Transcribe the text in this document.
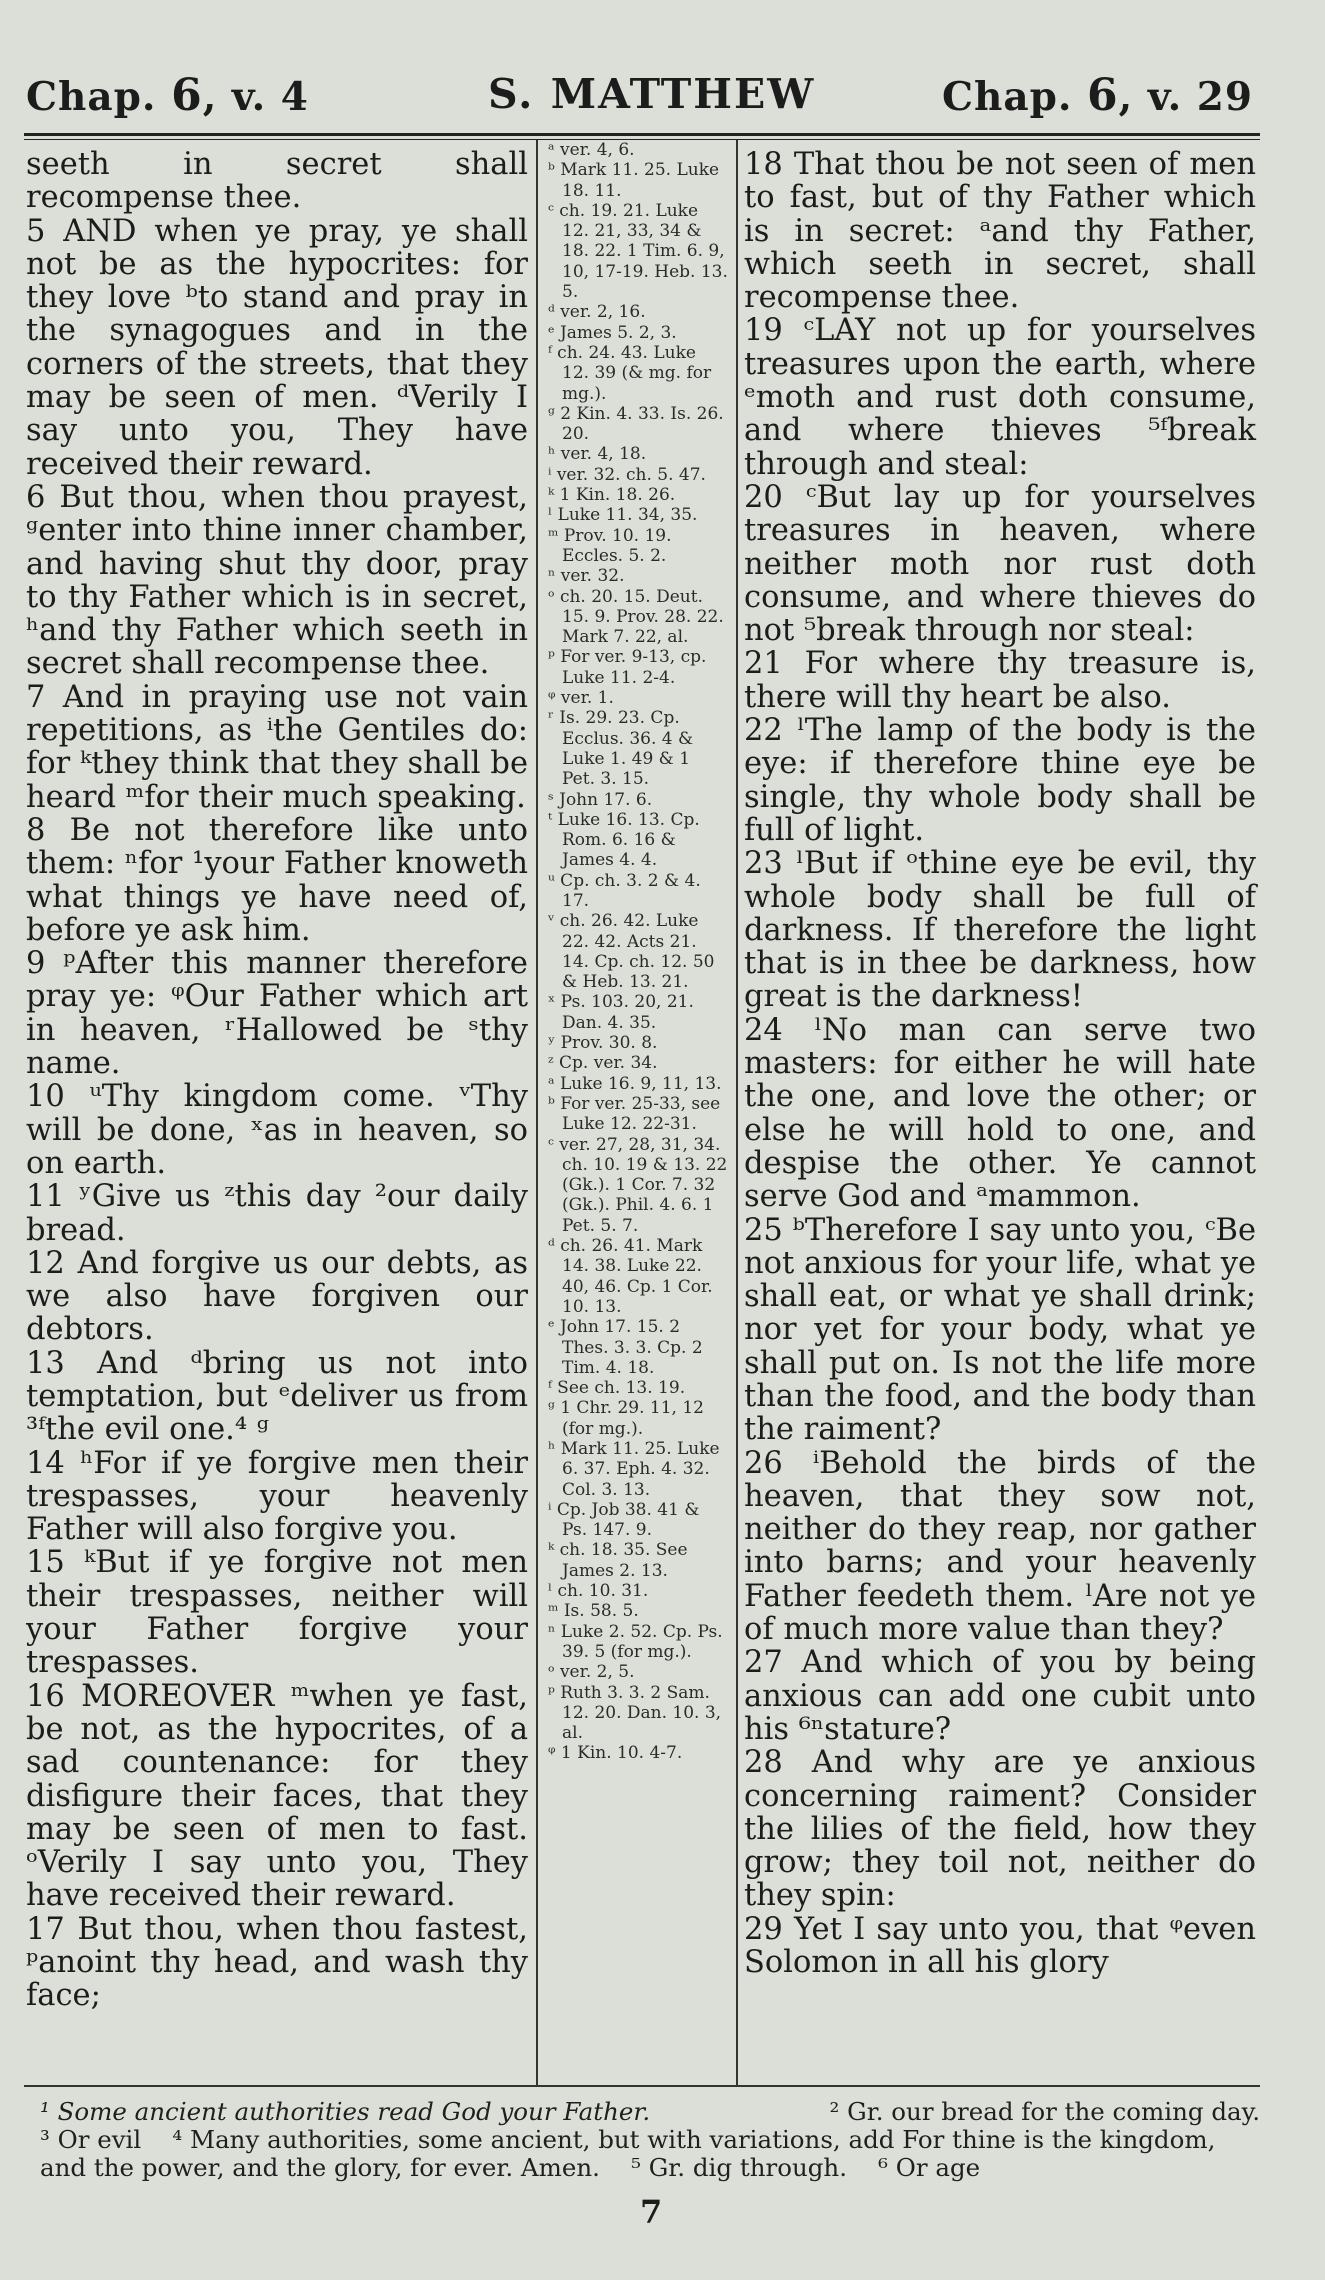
Chap. 6, v. 4	S. MATTHEW	Chap. 6, v. 29

seeth in secret shall recompense thee.

5 AND when ye pray, ye shall not be as the hypocrites: for they love ᵇto stand and pray in the synagogues and in the corners of the streets, that they may be seen of men. ᵈVerily I say unto you, They have received their reward.

6 But thou, when thou prayest, ᵍenter into thine inner chamber, and having shut thy door, pray to thy Father which is in secret, ʰand thy Father which seeth in secret shall recompense thee.

7 And in praying use not vain repetitions, as ⁱthe Gentiles do: for ᵏthey think that they shall be heard ᵐfor their much speaking.

8 Be not therefore like unto them: ⁿfor ¹your Father knoweth what things ye have need of, before ye ask him.

9 ᵖAfter this manner therefore pray ye: ᵠOur Father which art in heaven, ʳHallowed be ˢthy name.

10 ᵘThy kingdom come. ᵛThy will be done, ˣas in heaven, so on earth.

11 ʸGive us ᶻthis day ²our daily bread.

12 And forgive us our debts, as we also have forgiven our debtors.

13 And ᵈbring us not into temptation, but ᵉdeliver us from ³ᶠthe evil one.⁴ ᵍ

14 ʰFor if ye forgive men their trespasses, your heavenly Father will also forgive you.

15 ᵏBut if ye forgive not men their trespasses, neither will your Father forgive your trespasses.

16 MOREOVER ᵐwhen ye fast, be not, as the hypocrites, of a sad countenance: for they disfigure their faces, that they may be seen of men to fast. ᵒVerily I say unto you, They have received their reward.

17 But thou, when thou fastest, ᵖanoint thy head, and wash thy face;

ᵃ ver. 4, 6.

ᵇ Mark 11. 25. Luke 18. 11.

ᶜ ch. 19. 21. Luke 12. 21, 33, 34 & 18. 22. 1 Tim. 6. 9, 10, 17-19. Heb. 13. 5.

ᵈ ver. 2, 16.

ᵉ James 5. 2, 3.

ᶠ ch. 24. 43. Luke 12. 39 (& mg. for mg.).

ᵍ 2 Kin. 4. 33. Is. 26. 20.

ʰ ver. 4, 18.

ⁱ ver. 32. ch. 5. 47.

ᵏ 1 Kin. 18. 26.

ˡ Luke 11. 34, 35.

ᵐ Prov. 10. 19. Eccles. 5. 2.

ⁿ ver. 32.

ᵒ ch. 20. 15. Deut. 15. 9. Prov. 28. 22. Mark 7. 22, al.

ᵖ For ver. 9-13, cp. Luke 11. 2-4.

ᵠ ver. 1.

ʳ Is. 29. 23. Cp. Ecclus. 36. 4 & Luke 1. 49 & 1 Pet. 3. 15.

ˢ John 17. 6.

ᵗ Luke 16. 13. Cp. Rom. 6. 16 & James 4. 4.

ᵘ Cp. ch. 3. 2 & 4. 17.

ᵛ ch. 26. 42. Luke 22. 42. Acts 21. 14. Cp. ch. 12. 50 & Heb. 13. 21.

ˣ Ps. 103. 20, 21. Dan. 4. 35.

ʸ Prov. 30. 8.

ᶻ Cp. ver. 34.

ᵃ Luke 16. 9, 11, 13.

ᵇ For ver. 25-33, see Luke 12. 22-31.

ᶜ ver. 27, 28, 31, 34. ch. 10. 19 & 13. 22 (Gk.). 1 Cor. 7. 32 (Gk.). Phil. 4. 6. 1 Pet. 5. 7.

ᵈ ch. 26. 41. Mark 14. 38. Luke 22. 40, 46. Cp. 1 Cor. 10. 13.

ᵉ John 17. 15. 2 Thes. 3. 3. Cp. 2 Tim. 4. 18.

ᶠ See ch. 13. 19.

ᵍ 1 Chr. 29. 11, 12 (for mg.).

ʰ Mark 11. 25. Luke 6. 37. Eph. 4. 32. Col. 3. 13.

ⁱ Cp. Job 38. 41 & Ps. 147. 9.

ᵏ ch. 18. 35. See James 2. 13.

ˡ ch. 10. 31.

ᵐ Is. 58. 5.

ⁿ Luke 2. 52. Cp. Ps. 39. 5 (for mg.).

ᵒ ver. 2, 5.

ᵖ Ruth 3. 3. 2 Sam. 12. 20. Dan. 10. 3, al.

ᵠ 1 Kin. 10. 4-7.

18 That thou be not seen of men to fast, but of thy Father which is in secret: ᵃand thy Father, which seeth in secret, shall recompense thee.

19 ᶜLAY not up for yourselves treasures upon the earth, where ᵉmoth and rust doth consume, and where thieves ⁵ᶠbreak through and steal:

20 ᶜBut lay up for yourselves treasures in heaven, where neither moth nor rust doth consume, and where thieves do not ⁵break through nor steal:

21 For where thy treasure is, there will thy heart be also.

22 ˡThe lamp of the body is the eye: if therefore thine eye be single, thy whole body shall be full of light.

23 ˡBut if ᵒthine eye be evil, thy whole body shall be full of darkness. If therefore the light that is in thee be darkness, how great is the darkness!

24 ˡNo man can serve two masters: for either he will hate the one, and love the other; or else he will hold to one, and despise the other. Ye cannot serve God and ᵃmammon.

25 ᵇTherefore I say unto you, ᶜBe not anxious for your life, what ye shall eat, or what ye shall drink; nor yet for your body, what ye shall put on. Is not the life more than the food, and the body than the raiment?

26 ⁱBehold the birds of the heaven, that they sow not, neither do they reap, nor gather into barns; and your heavenly Father feedeth them. ˡAre not ye of much more value than they?

27 And which of you by being anxious can add one cubit unto his ⁶ⁿstature?

28 And why are ye anxious concerning raiment? Consider the lilies of the field, how they grow; they toil not, neither do they spin:

29 Yet I say unto you, that ᵠeven Solomon in all his glory

¹ Some ancient authorities read God your Father.	² Gr. our bread for the coming day.
³ Or evil ⁴ Many authorities, some ancient, but with variations, add For thine is the kingdom, and the power, and the glory, for ever. Amen. ⁵ Gr. dig through. ⁶ Or age
7
